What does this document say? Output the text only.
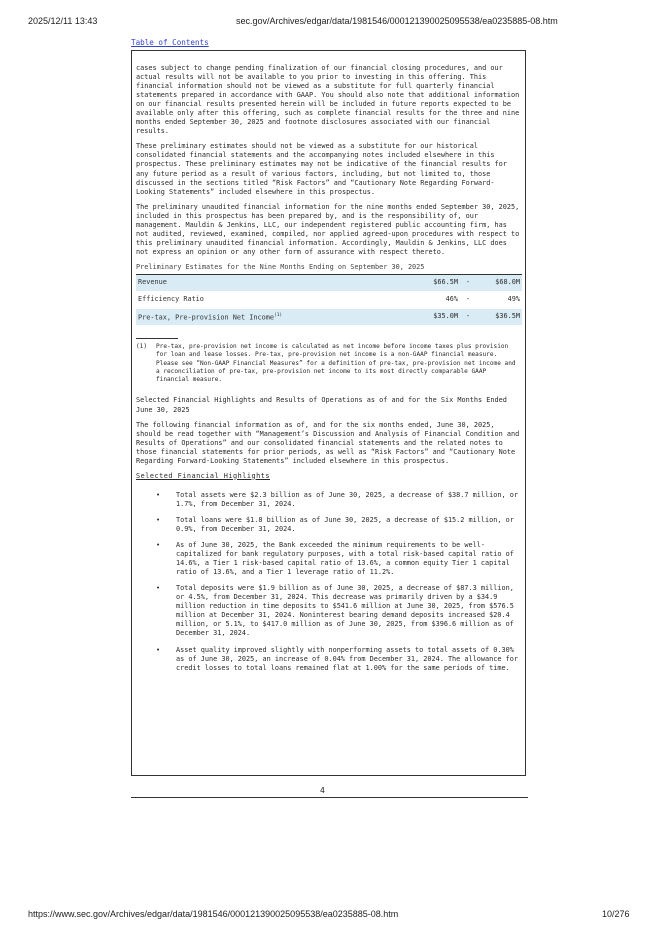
2025/12/11 13:43	sec.gov/Archives/edgar/data/1981546/000121390025095538/ea0235885-08.htm
Table of Contents

cases subject to change pending finalization of our financial closing procedures, and our actual results will not be available to you prior to investing in this offering. This financial information should not be viewed as a substitute for full quarterly financial statements prepared in accordance with GAAP. You should also note that additional information on our financial results presented herein will be included in future reports expected to be available only after this offering, such as complete financial results for the three and nine months ended September 30, 2025 and footnote disclosures associated with our financial results.

These preliminary estimates should not be viewed as a substitute for our historical consolidated financial statements and the accompanying notes included elsewhere in this prospectus. These preliminary estimates may not be indicative of the financial results for any future period as a result of various factors, including, but not limited to, those discussed in the sections titled “Risk Factors” and “Cautionary Note Regarding Forward-Looking Statements” included elsewhere in this prospectus.

The preliminary unaudited financial information for the nine months ended September 30, 2025, included in this prospectus has been prepared by, and is the responsibility of, our management. Mauldin & Jenkins, LLC, our independent registered public accounting firm, has not audited, reviewed, examined, compiled, nor applied agreed-upon procedures with respect to this preliminary unaudited financial information. Accordingly, Mauldin & Jenkins, LLC does not express an opinion or any other form of assurance with respect thereto.

Preliminary Estimates for the Nine Months Ending on September 30, 2025
Revenue	$66.5M	-	$68.0M
Efficiency Ratio	46%	-	49%
Pre-tax, Pre-provision Net Income$^{(1)}$	$35.0M	-	$36.5M
(1)	Pre-tax, pre-provision net income is calculated as net income before income taxes plus provision for loan and lease losses. Pre-tax, pre-provision net income is a non-GAAP financial measure. Please see “Non-GAAP Financial Measures” for a definition of pre-tax, pre-provision net income and a reconciliation of pre-tax, pre-provision net income to its most directly comparable GAAP financial measure.

Selected Financial Highlights and Results of Operations as of and for the Six Months Ended June 30, 2025

The following financial information as of, and for the six months ended, June 30, 2025, should be read together with “Management’s Discussion and Analysis of Financial Condition and Results of Operations” and our consolidated financial statements and the related notes to those financial statements for prior periods, as well as “Risk Factors” and “Cautionary Note Regarding Forward-Looking Statements” included elsewhere in this prospectus.

Selected Financial Highlights
•	Total assets were $2.3 billion as of June 30, 2025, a decrease of $38.7 million, or 1.7%, from December 31, 2024.
•	Total loans were $1.8 billion as of June 30, 2025, a decrease of $15.2 million, or 0.9%, from December 31, 2024.
•	As of June 30, 2025, the Bank exceeded the minimum requirements to be well-capitalized for bank regulatory purposes, with a total risk-based capital ratio of 14.6%, a Tier 1 risk-based capital ratio of 13.6%, a common equity Tier 1 capital ratio of 13.6%, and a Tier 1 leverage ratio of 11.2%.
•	Total deposits were $1.9 billion as of June 30, 2025, a decrease of $87.3 million, or 4.5%, from December 31, 2024. This decrease was primarily driven by a $34.9 million reduction in time deposits to $541.6 million at June 30, 2025, from $576.5 million at December 31, 2024. Noninterest bearing demand deposits increased $20.4 million, or 5.1%, to $417.0 million as of June 30, 2025, from $396.6 million as of December 31, 2024.
•	Asset quality improved slightly with nonperforming assets to total assets of 0.30% as of June 30, 2025, an increase of 0.04% from December 31, 2024. The allowance for credit losses to total loans remained flat at 1.00% for the same periods of time.
4
https://www.sec.gov/Archives/edgar/data/1981546/000121390025095538/ea0235885-08.htm	10/276
